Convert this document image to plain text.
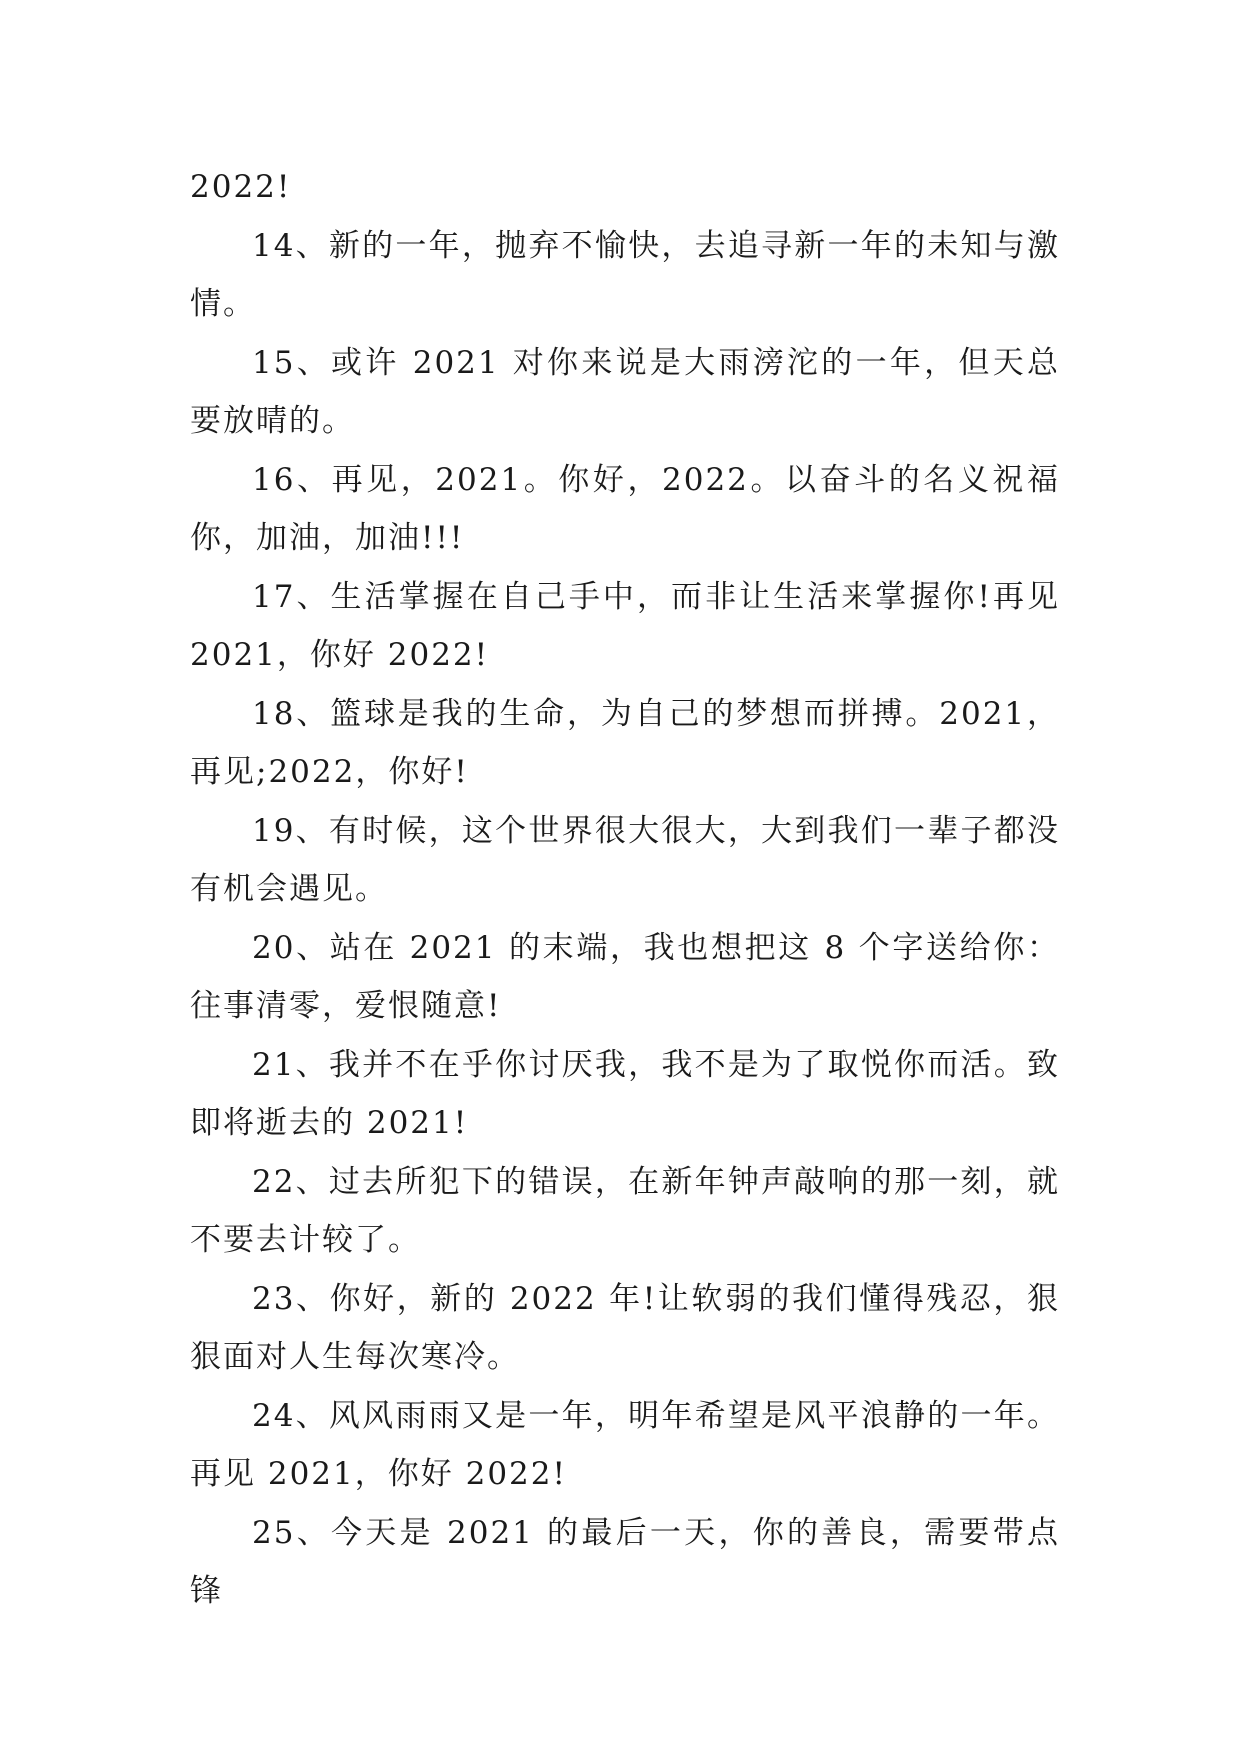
2022!

14、新的一年，抛弃不愉快，去追寻新一年的未知与激情。

15、或许 2021 对你来说是大雨滂沱的一年，但天总要放晴的。

16、再见，2021。你好，2022。以奋斗的名义祝福你，加油，加油!!!

17、生活掌握在自己手中，而非让生活来掌握你!再见 2021，你好 2022!

18、篮球是我的生命，为自己的梦想而拼搏。2021，再见;2022，你好!

19、有时候，这个世界很大很大，大到我们一辈子都没有机会遇见。

20、站在 2021 的末端，我也想把这 8 个字送给你：往事清零，爱恨随意!

21、我并不在乎你讨厌我，我不是为了取悦你而活。致即将逝去的 2021!

22、过去所犯下的错误，在新年钟声敲响的那一刻，就不要去计较了。

23、你好，新的 2022 年!让软弱的我们懂得残忍，狠狠面对人生每次寒冷。

24、风风雨雨又是一年，明年希望是风平浪静的一年。再见 2021，你好 2022!

25、今天是 2021 的最后一天，你的善良，需要带点锋
